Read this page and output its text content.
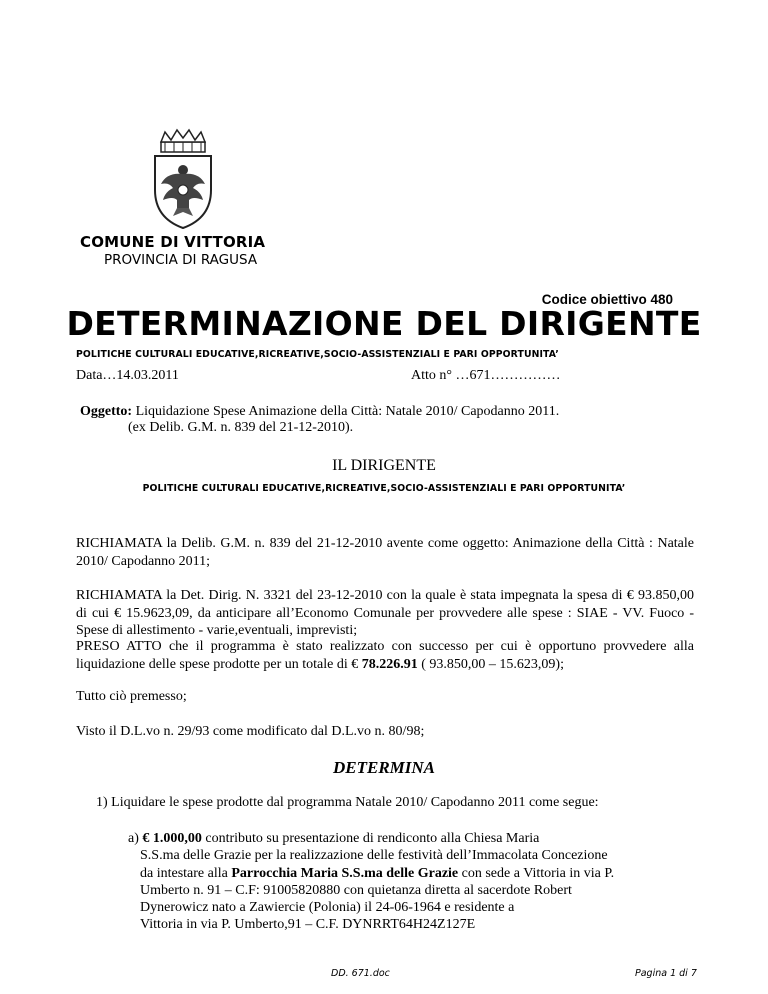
COMUNE DI VITTORIA
PROVINCIA DI RAGUSA
Codice obiettivo 480
DETERMINAZIONE DEL DIRIGENTE
POLITICHE CULTURALI EDUCATIVE,RICREATIVE,SOCIO-ASSISTENZIALI E PARI OPPORTUNITA’
Data…14.03.2011	Atto n° …671……………
Oggetto: Liquidazione Spese Animazione della Città: Natale 2010/ Capodanno 2011.
(ex Delib. G.M. n. 839 del 21-12-2010).
IL DIRIGENTE
POLITICHE CULTURALI EDUCATIVE,RICREATIVE,SOCIO-ASSISTENZIALI E PARI OPPORTUNITA’
RICHIAMATA la Delib. G.M. n. 839 del 21-12-2010 avente come oggetto: Animazione della Città : Natale 2010/ Capodanno 2011;
RICHIAMATA la Det. Dirig. N. 3321 del 23-12-2010 con la quale è stata impegnata la spesa di € 93.850,00 di cui € 15.9623,09, da anticipare all’Economo Comunale per provvedere alle spese : SIAE - VV. Fuoco - Spese di allestimento - varie,eventuali, imprevisti;
PRESO ATTO che il programma è stato realizzato con successo per cui è opportuno provvedere alla liquidazione delle spese prodotte per un totale di € 78.226.91 ( 93.850,00 – 15.623,09);
Tutto ciò premesso;
Visto il D.L.vo n. 29/93 come modificato dal D.L.vo n. 80/98;
DETERMINA
1) Liquidare le spese prodotte dal programma Natale 2010/ Capodanno 2011 come segue:
a) € 1.000,00 contributo su presentazione di rendiconto alla Chiesa Maria
S.S.ma delle Grazie per la realizzazione delle festività dell’Immacolata Concezione
da intestare alla Parrocchia Maria S.S.ma delle Grazie con sede a Vittoria in via P.
Umberto n. 91 – C.F: 91005820880 con quietanza diretta al sacerdote Robert
Dynerowicz nato a Zawiercie (Polonia) il 24-06-1964 e residente a
Vittoria in via P. Umberto,91 – C.F. DYNRRT64H24Z127E
DD. 671.doc	Pagina 1 di 7
